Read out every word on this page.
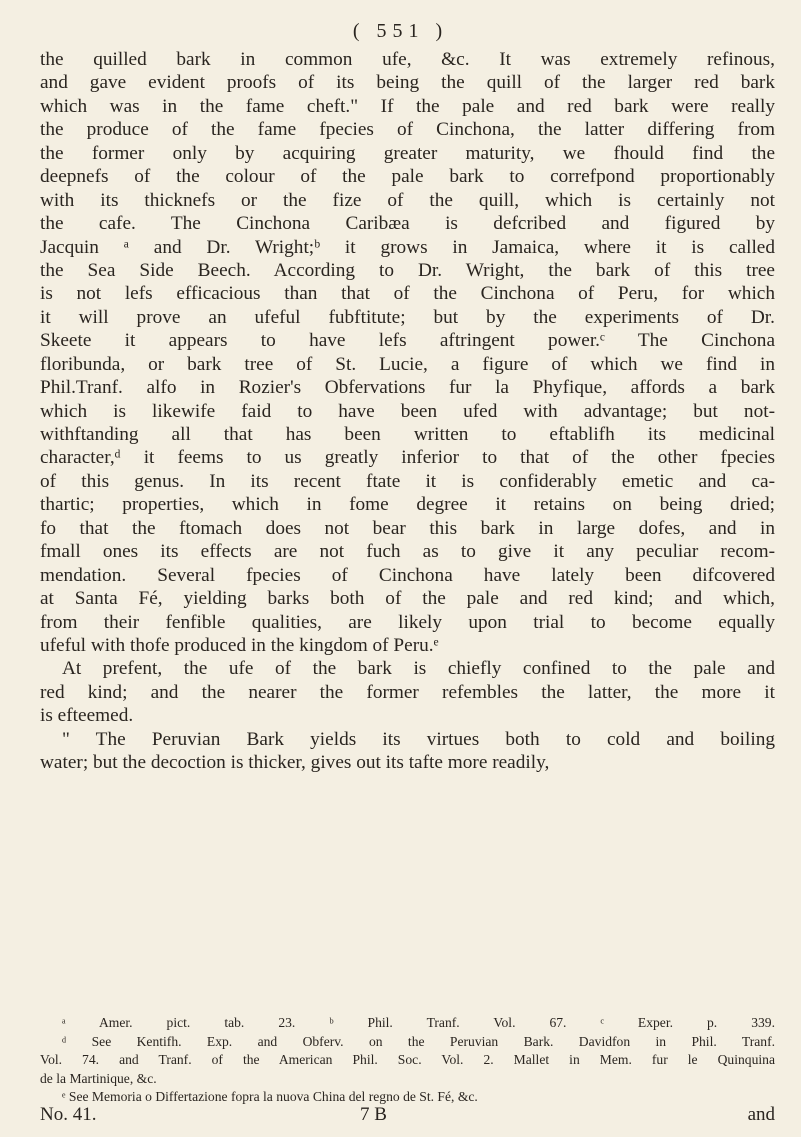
( 551 )
the quilled bark in common ufe, &c. It was extremely refinous,
and gave evident proofs of its being the quill of the larger red bark
which was in the fame cheft." If the pale and red bark were really
the produce of the fame fpecies of Cinchona, the latter differing from
the former only by acquiring greater maturity, we fhould find the
deepnefs of the colour of the pale bark to correfpond proportionably
with its thicknefs or the fize of the quill, which is certainly not
the cafe. The Cinchona Caribæa is defcribed and figured by
Jacquin ᵃ and Dr. Wright;ᵇ it grows in Jamaica, where it is called
the Sea Side Beech. According to Dr. Wright, the bark of this tree
is not lefs efficacious than that of the Cinchona of Peru, for which
it will prove an ufeful fubftitute; but by the experiments of Dr.
Skeete it appears to have lefs aftringent power.ᶜ The Cinchona
floribunda, or bark tree of St. Lucie, a figure of which we find in
Phil.Tranf. alfo in Rozier's Obfervations fur la Phyfique, affords a bark
which is likewife faid to have been ufed with advantage; but not-
withftanding all that has been written to eftablifh its medicinal
character,ᵈ it feems to us greatly inferior to that of the other fpecies
of this genus. In its recent ftate it is confiderably emetic and ca-
thartic; properties, which in fome degree it retains on being dried;
fo that the ftomach does not bear this bark in large dofes, and in
fmall ones its effects are not fuch as to give it any peculiar recom-
mendation. Several fpecies of Cinchona have lately been difcovered
at Santa Fé, yielding barks both of the pale and red kind; and which,
from their fenfible qualities, are likely upon trial to become equally
ufeful with thofe produced in the kingdom of Peru.ᵉ
At prefent, the ufe of the bark is chiefly confined to the pale and
red kind; and the nearer the former refembles the latter, the more it
is efteemed.
" The Peruvian Bark yields its virtues both to cold and boiling
water; but the decoction is thicker, gives out its tafte more readily,
ᵃ Amer. pict. tab. 23. ᵇ Phil. Tranf. Vol. 67. ᶜ Exper. p. 339.
ᵈ See Kentifh. Exp. and Obferv. on the Peruvian Bark. Davidfon in Phil. Tranf.
Vol. 74. and Tranf. of the American Phil. Soc. Vol. 2. Mallet in Mem. fur le Quinquina
de la Martinique, &c.
ᵉ See Memoria o Differtazione fopra la nuova China del regno de St. Fé, &c.
No. 41.	7 B	and
